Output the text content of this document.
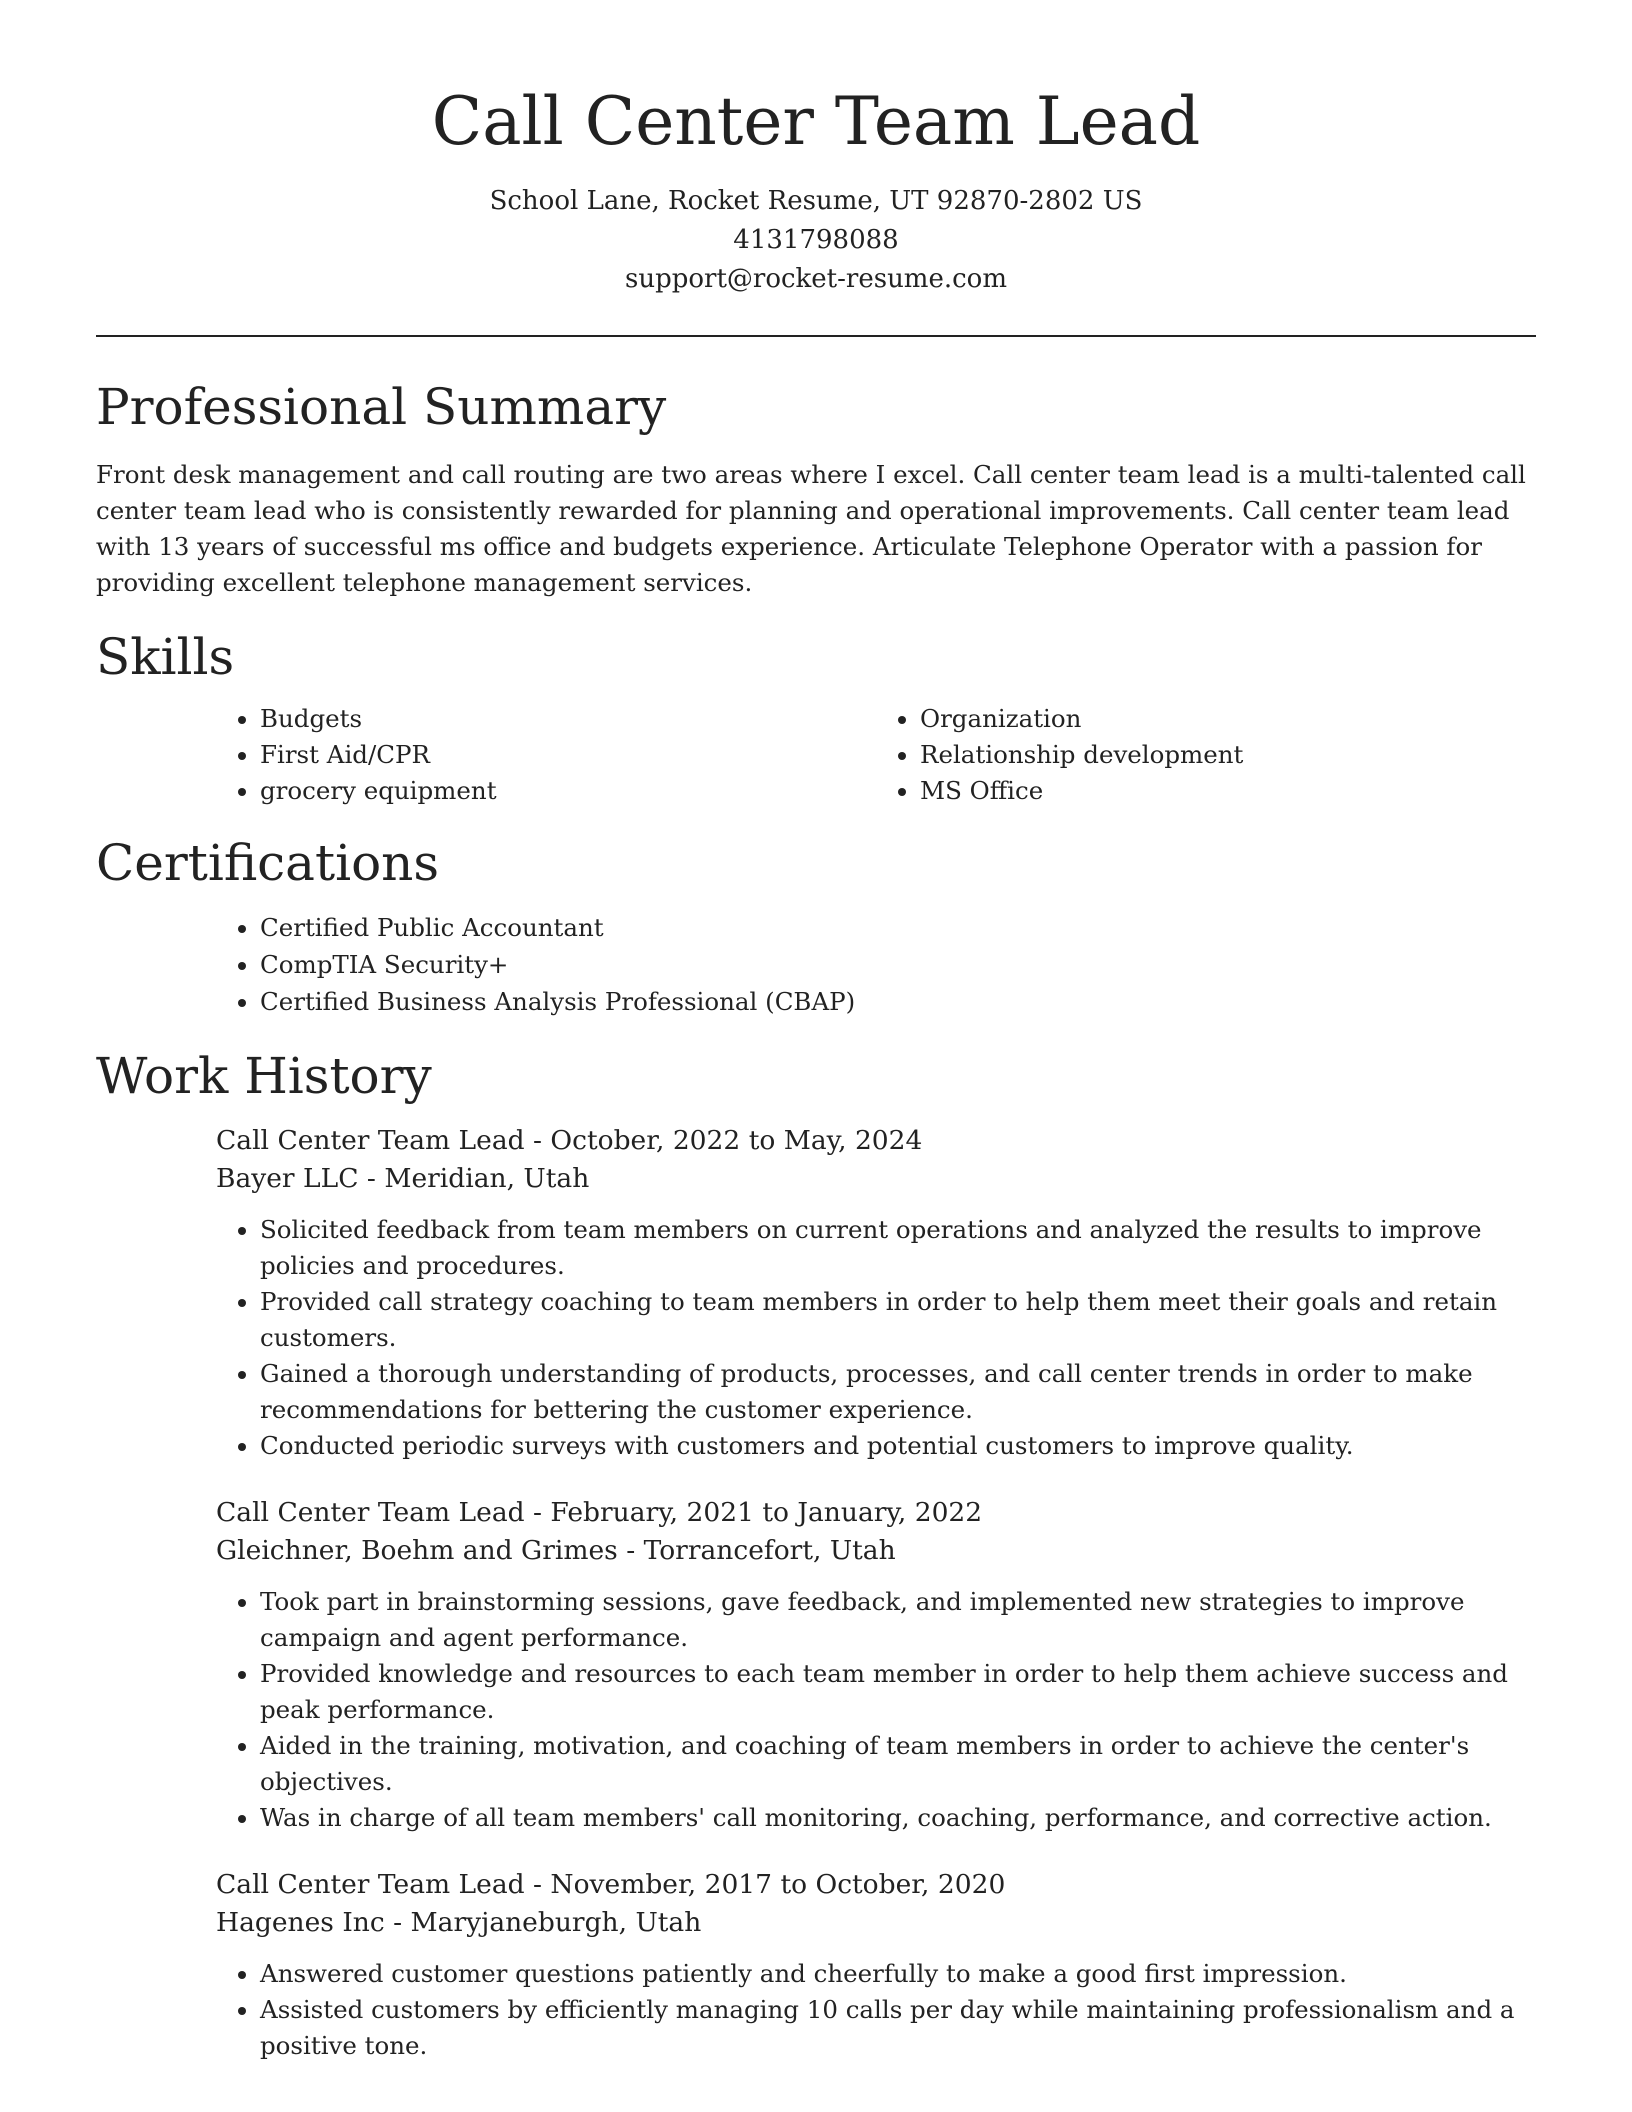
Call Center Team Lead
School Lane, Rocket Resume, UT 92870-2802 US
4131798088
support@rocket-resume.com
Professional Summary
Front desk management and call routing are two areas where I excel. Call center team lead is a multi-talented call center team lead who is consistently rewarded for planning and operational improvements. Call center team lead with 13 years of successful ms office and budgets experience. Articulate Telephone Operator with a passion for providing excellent telephone management services.
Skills
• Budgets
• First Aid/CPR
• grocery equipment
• Organization
• Relationship development
• MS Office
Certifications
• Certified Public Accountant
• CompTIA Security+
• Certified Business Analysis Professional (CBAP)
Work History
Call Center Team Lead - October, 2022 to May, 2024
Bayer LLC - Meridian, Utah
• Solicited feedback from team members on current operations and analyzed the results to improve policies and procedures.
• Provided call strategy coaching to team members in order to help them meet their goals and retain customers.
• Gained a thorough understanding of products, processes, and call center trends in order to make recommendations for bettering the customer experience.
• Conducted periodic surveys with customers and potential customers to improve quality.
Call Center Team Lead - February, 2021 to January, 2022
Gleichner, Boehm and Grimes - Torrancefort, Utah
• Took part in brainstorming sessions, gave feedback, and implemented new strategies to improve campaign and agent performance.
• Provided knowledge and resources to each team member in order to help them achieve success and peak performance.
• Aided in the training, motivation, and coaching of team members in order to achieve the center's objectives.
• Was in charge of all team members' call monitoring, coaching, performance, and corrective action.
Call Center Team Lead - November, 2017 to October, 2020
Hagenes Inc - Maryjaneburgh, Utah
• Answered customer questions patiently and cheerfully to make a good first impression.
• Assisted customers by efficiently managing 10 calls per day while maintaining professionalism and a positive tone.
